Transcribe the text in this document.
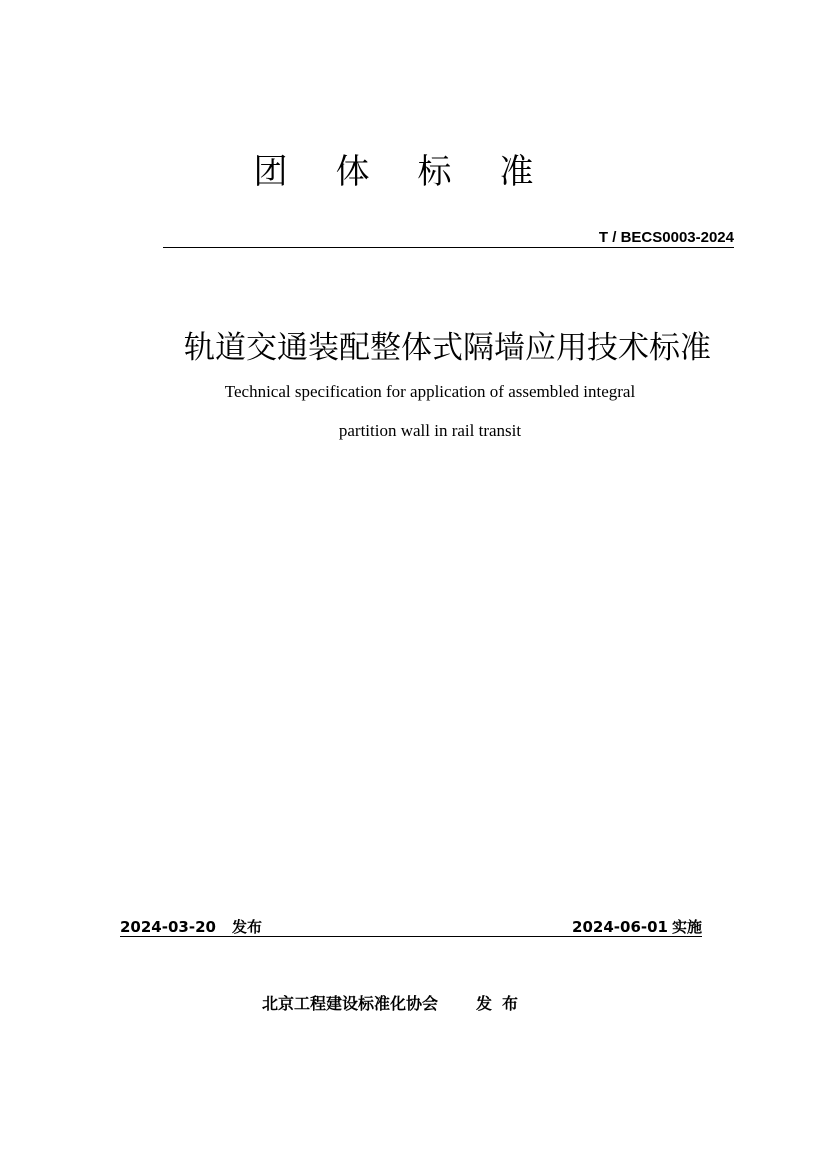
团体标准
T / BECS0003-2024
轨道交通装配整体式隔墙应用技术标准
Technical specification for application of assembled integral
partition wall in rail transit
2024-03-20 发布	2024-06-01 实施
北京工程建设标准化协会 发布
